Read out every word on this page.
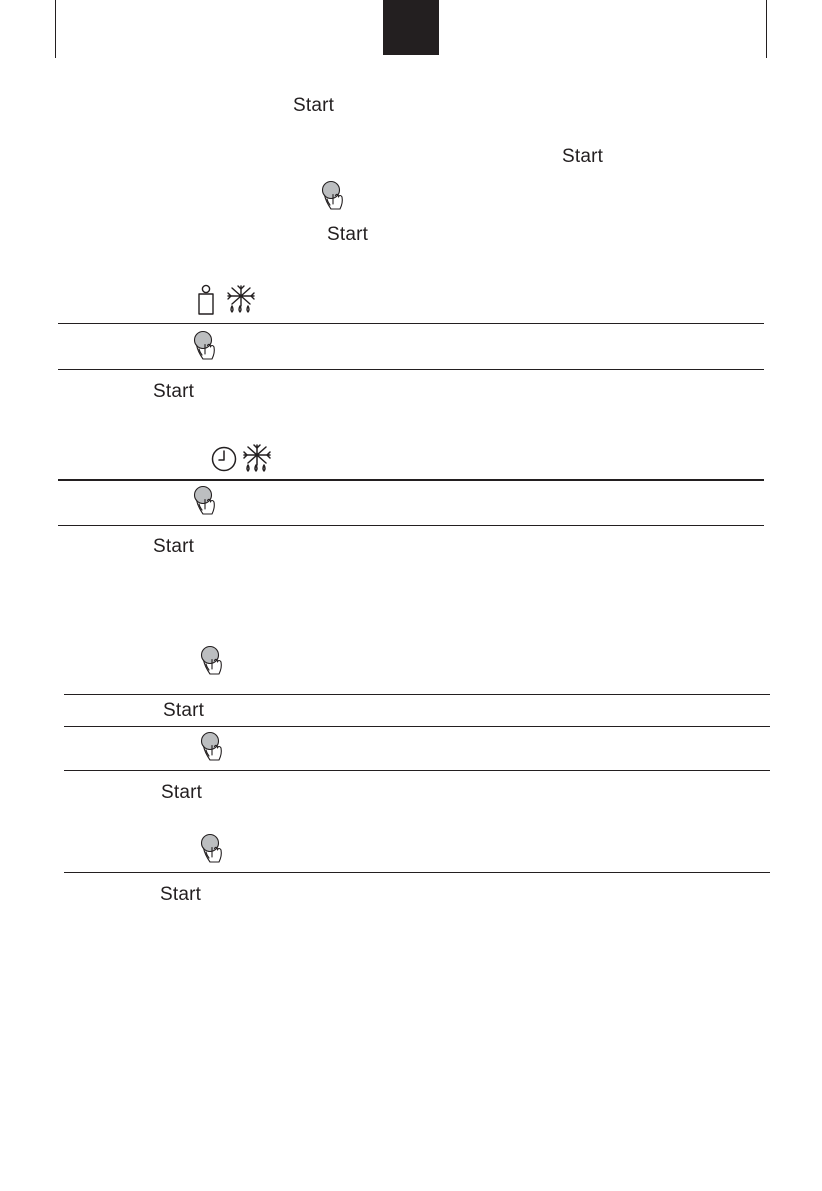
Start
Start
Start
Start
Start
Start
Start
Start
